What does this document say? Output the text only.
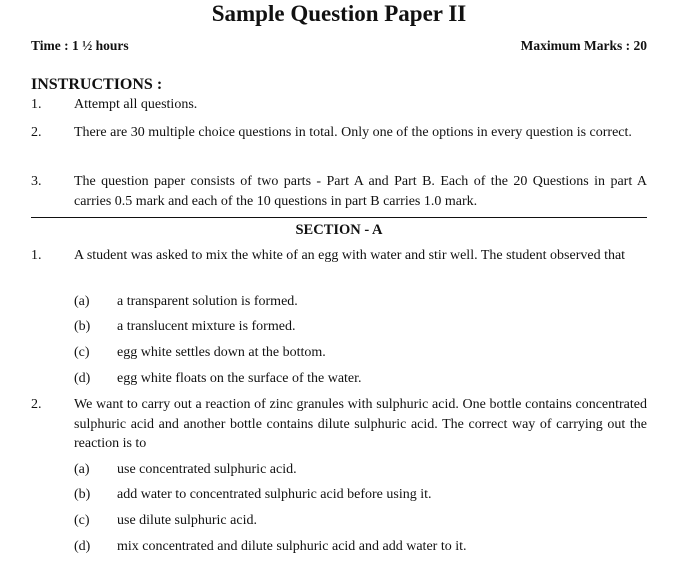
Sample Question Paper II
Time : 1 ½ hours	Maximum Marks : 20
INSTRUCTIONS :
1. Attempt all questions.
2. There are 30 multiple choice questions in total. Only one of the options in every question is correct.
3. The question paper consists of two parts - Part A and Part B. Each of the 20 Questions in part A carries 0.5 mark and each of the 10 questions in part B carries 1.0 mark.
SECTION - A
1. A student was asked to mix the white of an egg with water and stir well. The student observed that
(a) a transparent solution is formed.
(b) a translucent mixture is formed.
(c) egg white settles down at the bottom.
(d) egg white floats on the surface of the water.
2. We want to carry out a reaction of zinc granules with sulphuric acid. One bottle contains concentrated sulphuric acid and another bottle contains dilute sulphuric acid. The correct way of carrying out the reaction is to
(a) use concentrated sulphuric acid.
(b) add water to concentrated sulphuric acid before using it.
(c) use dilute sulphuric acid.
(d) mix concentrated and dilute sulphuric acid and add water to it.
